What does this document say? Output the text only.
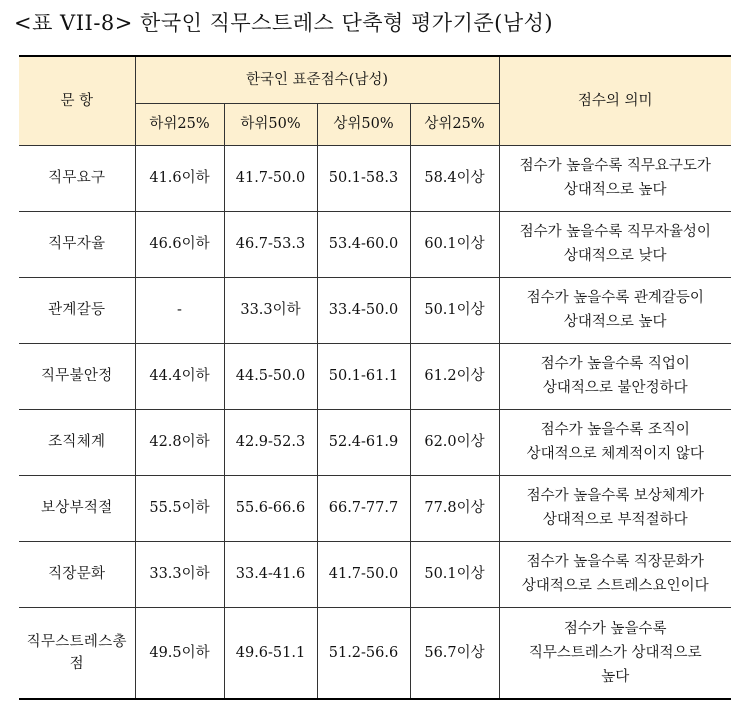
<표 VII-8> 한국인 직무스트레스 단축형 평가기준(남성)
문 항	한국인 표준점수(남성)				점수의 의미
	하위25%	하위50%	상위50%	상위25%	
직무요구	41.6이하	41.7-50.0	50.1-58.3	58.4이상	점수가 높을수록 직무요구도가
상대적으로 높다

직무자율	46.6이하	46.7-53.3	53.4-60.0	60.1이상	점수가 높을수록 직무자율성이
상대적으로 낮다

관계갈등	-	33.3이하	33.4-50.0	50.1이상	점수가 높을수록 관계갈등이
상대적으로 높다

직무불안정	44.4이하	44.5-50.0	50.1-61.1	61.2이상	점수가 높을수록 직업이
상대적으로 불안정하다

조직체계	42.8이하	42.9-52.3	52.4-61.9	62.0이상	점수가 높을수록 조직이
상대적으로 체계적이지 않다

보상부적절	55.5이하	55.6-66.6	66.7-77.7	77.8이상	점수가 높을수록 보상체계가
상대적으로 부적절하다

직장문화	33.3이하	33.4-41.6	41.7-50.0	50.1이상	점수가 높을수록 직장문화가
상대적으로 스트레스요인이다

직무스트레스총점	49.5이하	49.6-51.1	51.2-56.6	56.7이상	점수가 높을수록
직무스트레스가 상대적으로
높다
